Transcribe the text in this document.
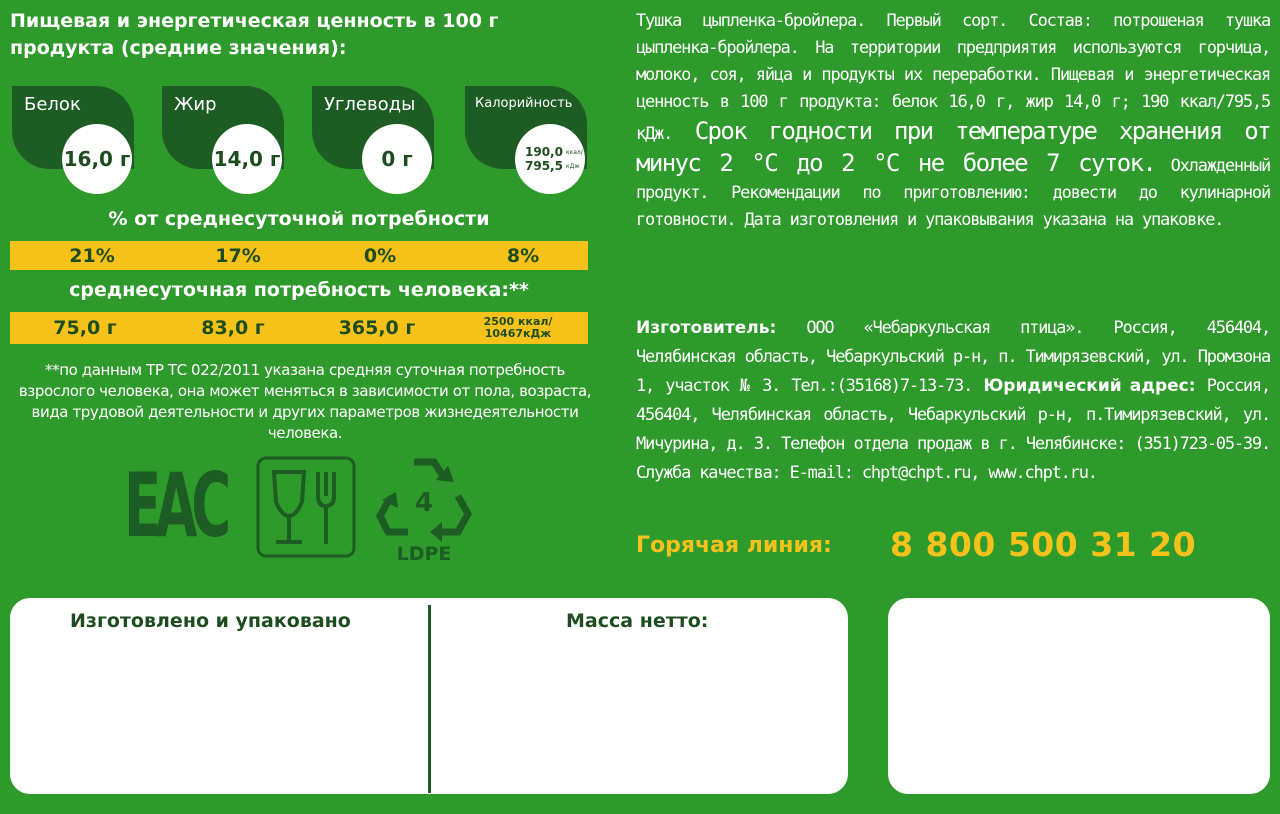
Пищевая и энергетическая ценность в 100 г
продукта (средние значения):
Белок
16,0 г
Жир
14,0 г
Углеводы
0 г
Калорийность
190,0 ккал/
795,5 кДж
% от среднесуточной потребности
21%	17%	0%	8%
среднесуточная потребность человека:**
75,0 г	83,0 г	365,0 г	2500 ккал/
10467кДж
**по данным ТР ТС 022/2011 указана средняя суточная потребность взрослого человека, она может меняться в зависимости от пола, возраста, вида трудовой деятельности и других параметров жизнедеятельности человека.
ЕАС	4
LDPE
Тушка цыпленка-бройлера. Первый сорт. Состав: потрошеная тушка цыпленка-бройлера. На территории предприятия используются горчица, молоко, соя, яйца и продукты их переработки. Пищевая и энергетическая ценность в 100 г продукта: белок 16,0 г, жир 14,0 г; 190 ккал/795,5 кДж. Срок годности при температуре хранения от минус 2 °С до 2 °С не более 7 суток. Охлажденный продукт. Рекомендации по приготовлению: довести до кулинарной готовности. Дата изготовления и упаковывания указана на упаковке.
Изготовитель: ООО «Чебаркульская птица». Россия, 456404, Челябинская область, Чебаркульский р-н, п. Тимирязевский, ул. Промзона 1, участок № 3. Тел.:(35168)7-13-73. Юридический адрес: Россия, 456404, Челябинская область, Чебаркульский р-н, п.Тимирязевский, ул. Мичурина, д. 3. Телефон отдела продаж в г. Челябинске: (351)723-05-39. Служба качества: E-mail: chpt@chpt.ru, www.chpt.ru.
Горячая линия: 8 800 500 31 20
Изготовлено и упаковано	Масса нетто:
